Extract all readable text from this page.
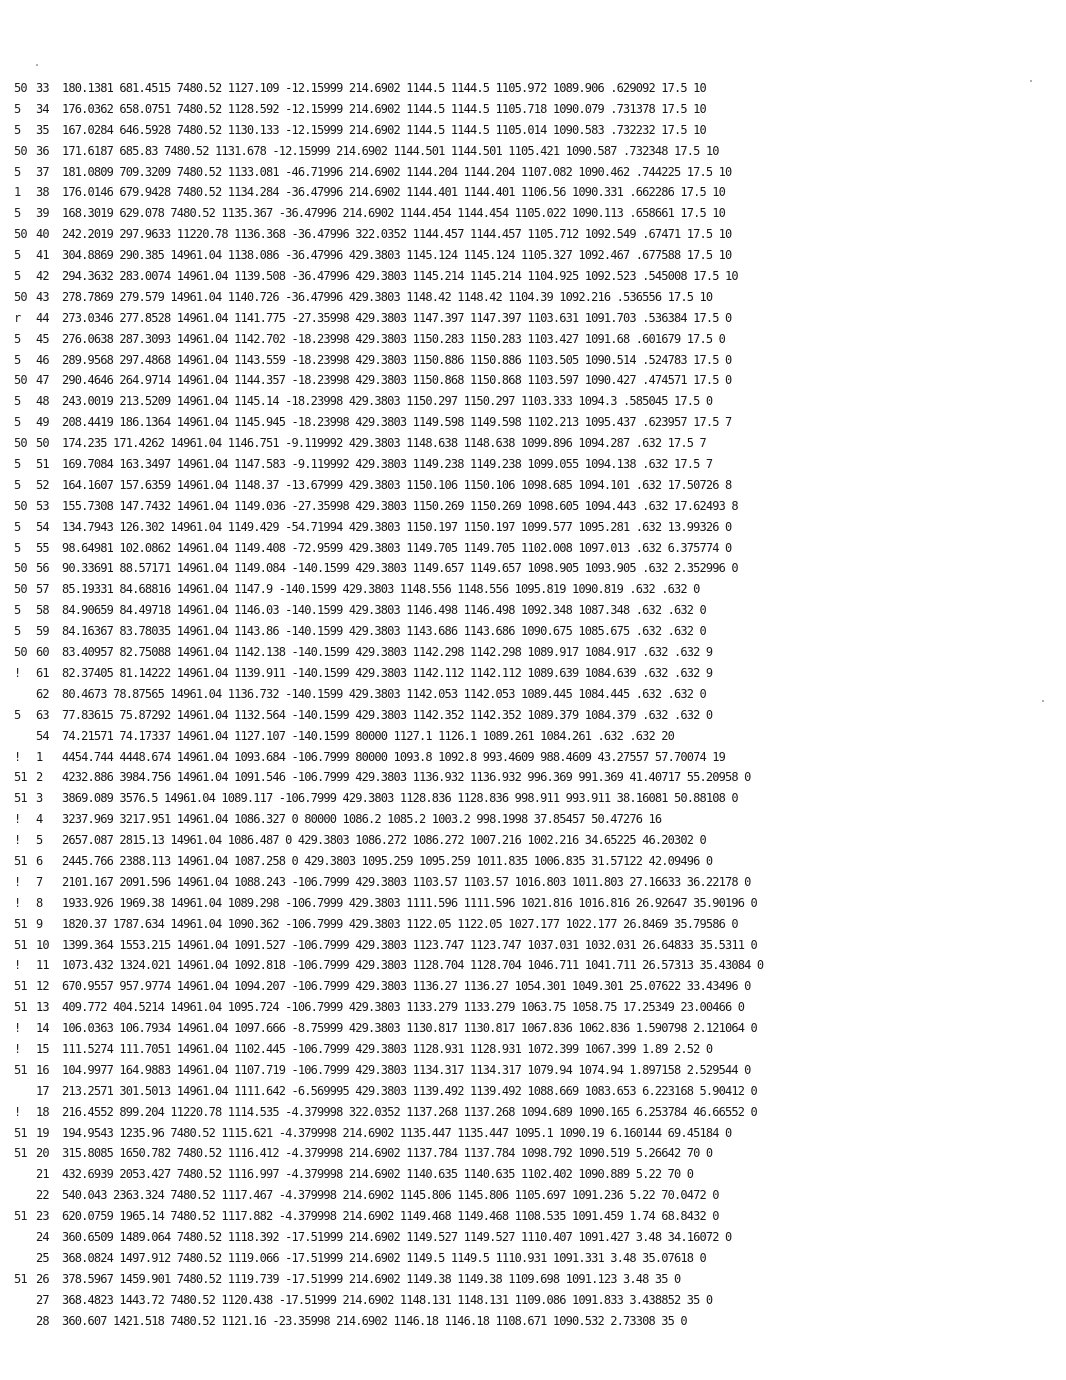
50 33 180.1381 681.4515 7480.52 1127.109 -12.15999 214.6902 1144.5 1144.5 1105.972 1089.906 .629092 17.5 10
5 34 176.0362 658.0751 7480.52 1128.592 -12.15999 214.6902 1144.5 1144.5 1105.718 1090.079 .731378 17.5 10
5 35 167.0284 646.5928 7480.52 1130.133 -12.15999 214.6902 1144.5 1144.5 1105.014 1090.583 .732232 17.5 10
50 36 171.6187 685.83 7480.52 1131.678 -12.15999 214.6902 1144.501 1144.501 1105.421 1090.587 .732348 17.5 10
5 37 181.0809 709.3209 7480.52 1133.081 -46.71996 214.6902 1144.204 1144.204 1107.082 1090.462 .744225 17.5 10
1 38 176.0146 679.9428 7480.52 1134.284 -36.47996 214.6902 1144.401 1144.401 1106.56 1090.331 .662286 17.5 10
5 39 168.3019 629.078 7480.52 1135.367 -36.47996 214.6902 1144.454 1144.454 1105.022 1090.113 .658661 17.5 10
50 40 242.2019 297.9633 11220.78 1136.368 -36.47996 322.0352 1144.457 1144.457 1105.712 1092.549 .67471 17.5 10
5 41 304.8869 290.385 14961.04 1138.086 -36.47996 429.3803 1145.124 1145.124 1105.327 1092.467 .677588 17.5 10
5 42 294.3632 283.0074 14961.04 1139.508 -36.47996 429.3803 1145.214 1145.214 1104.925 1092.523 .545008 17.5 10
50 43 278.7869 279.579 14961.04 1140.726 -36.47996 429.3803 1148.42 1148.42 1104.39 1092.216 .536556 17.5 10
r 44 273.0346 277.8528 14961.04 1141.775 -27.35998 429.3803 1147.397 1147.397 1103.631 1091.703 .536384 17.5 0
5 45 276.0638 287.3093 14961.04 1142.702 -18.23998 429.3803 1150.283 1150.283 1103.427 1091.68 .601679 17.5 0
5 46 289.9568 297.4868 14961.04 1143.559 -18.23998 429.3803 1150.886 1150.886 1103.505 1090.514 .524783 17.5 0
50 47 290.4646 264.9714 14961.04 1144.357 -18.23998 429.3803 1150.868 1150.868 1103.597 1090.427 .474571 17.5 0
5 48 243.0019 213.5209 14961.04 1145.14 -18.23998 429.3803 1150.297 1150.297 1103.333 1094.3 .585045 17.5 0
5 49 208.4419 186.1364 14961.04 1145.945 -18.23998 429.3803 1149.598 1149.598 1102.213 1095.437 .623957 17.5 7
50 50 174.235 171.4262 14961.04 1146.751 -9.119992 429.3803 1148.638 1148.638 1099.896 1094.287 .632 17.5 7
5 51 169.7084 163.3497 14961.04 1147.583 -9.119992 429.3803 1149.238 1149.238 1099.055 1094.138 .632 17.5 7
5 52 164.1607 157.6359 14961.04 1148.37 -13.67999 429.3803 1150.106 1150.106 1098.685 1094.101 .632 17.50726 8
50 53 155.7308 147.7432 14961.04 1149.036 -27.35998 429.3803 1150.269 1150.269 1098.605 1094.443 .632 17.62493 8
5 54 134.7943 126.302 14961.04 1149.429 -54.71994 429.3803 1150.197 1150.197 1099.577 1095.281 .632 13.99326 0
5 55 98.64981 102.0862 14961.04 1149.408 -72.9599 429.3803 1149.705 1149.705 1102.008 1097.013 .632 6.375774 0
50 56 90.33691 88.57171 14961.04 1149.084 -140.1599 429.3803 1149.657 1149.657 1098.905 1093.905 .632 2.352996 0
50 57 85.19331 84.68816 14961.04 1147.9 -140.1599 429.3803 1148.556 1148.556 1095.819 1090.819 .632 .632 0
5 58 84.90659 84.49718 14961.04 1146.03 -140.1599 429.3803 1146.498 1146.498 1092.348 1087.348 .632 .632 0
5 59 84.16367 83.78035 14961.04 1143.86 -140.1599 429.3803 1143.686 1143.686 1090.675 1085.675 .632 .632 0
50 60 83.40957 82.75088 14961.04 1142.138 -140.1599 429.3803 1142.298 1142.298 1089.917 1084.917 .632 .632 9
! 61 82.37405 81.14222 14961.04 1139.911 -140.1599 429.3803 1142.112 1142.112 1089.639 1084.639 .632 .632 9
62 80.4673 78.87565 14961.04 1136.732 -140.1599 429.3803 1142.053 1142.053 1089.445 1084.445 .632 .632 0
5 63 77.83615 75.87292 14961.04 1132.564 -140.1599 429.3803 1142.352 1142.352 1089.379 1084.379 .632 .632 0
54 74.21571 74.17337 14961.04 1127.107 -140.1599 80000 1127.1 1126.1 1089.261 1084.261 .632 .632 20
! 1 4454.744 4448.674 14961.04 1093.684 -106.7999 80000 1093.8 1092.8 993.4609 988.4609 43.27557 57.70074 19
51 2 4232.886 3984.756 14961.04 1091.546 -106.7999 429.3803 1136.932 1136.932 996.369 991.369 41.40717 55.20958 0
51 3 3869.089 3576.5 14961.04 1089.117 -106.7999 429.3803 1128.836 1128.836 998.911 993.911 38.16081 50.88108 0
! 4 3237.969 3217.951 14961.04 1086.327 0 80000 1086.2 1085.2 1003.2 998.1998 37.85457 50.47276 16
! 5 2657.087 2815.13 14961.04 1086.487 0 429.3803 1086.272 1086.272 1007.216 1002.216 34.65225 46.20302 0
51 6 2445.766 2388.113 14961.04 1087.258 0 429.3803 1095.259 1095.259 1011.835 1006.835 31.57122 42.09496 0
! 7 2101.167 2091.596 14961.04 1088.243 -106.7999 429.3803 1103.57 1103.57 1016.803 1011.803 27.16633 36.22178 0
! 8 1933.926 1969.38 14961.04 1089.298 -106.7999 429.3803 1111.596 1111.596 1021.816 1016.816 26.92647 35.90196 0
51 9 1820.37 1787.634 14961.04 1090.362 -106.7999 429.3803 1122.05 1122.05 1027.177 1022.177 26.8469 35.79586 0
51 10 1399.364 1553.215 14961.04 1091.527 -106.7999 429.3803 1123.747 1123.747 1037.031 1032.031 26.64833 35.5311 0
! 11 1073.432 1324.021 14961.04 1092.818 -106.7999 429.3803 1128.704 1128.704 1046.711 1041.711 26.57313 35.43084 0
51 12 670.9557 957.9774 14961.04 1094.207 -106.7999 429.3803 1136.27 1136.27 1054.301 1049.301 25.07622 33.43496 0
51 13 409.772 404.5214 14961.04 1095.724 -106.7999 429.3803 1133.279 1133.279 1063.75 1058.75 17.25349 23.00466 0
! 14 106.0363 106.7934 14961.04 1097.666 -8.75999 429.3803 1130.817 1130.817 1067.836 1062.836 1.590798 2.121064 0
! 15 111.5274 111.7051 14961.04 1102.445 -106.7999 429.3803 1128.931 1128.931 1072.399 1067.399 1.89 2.52 0
51 16 104.9977 164.9883 14961.04 1107.719 -106.7999 429.3803 1134.317 1134.317 1079.94 1074.94 1.897158 2.529544 0
17 213.2571 301.5013 14961.04 1111.642 -6.569995 429.3803 1139.492 1139.492 1088.669 1083.653 6.223168 5.90412 0
! 18 216.4552 899.204 11220.78 1114.535 -4.379998 322.0352 1137.268 1137.268 1094.689 1090.165 6.253784 46.66552 0
51 19 194.9543 1235.96 7480.52 1115.621 -4.379998 214.6902 1135.447 1135.447 1095.1 1090.19 6.160144 69.45184 0
51 20 315.8085 1650.782 7480.52 1116.412 -4.379998 214.6902 1137.784 1137.784 1098.792 1090.519 5.26642 70 0
21 432.6939 2053.427 7480.52 1116.997 -4.379998 214.6902 1140.635 1140.635 1102.402 1090.889 5.22 70 0
22 540.043 2363.324 7480.52 1117.467 -4.379998 214.6902 1145.806 1145.806 1105.697 1091.236 5.22 70.0472 0
51 23 620.0759 1965.14 7480.52 1117.882 -4.379998 214.6902 1149.468 1149.468 1108.535 1091.459 1.74 68.8432 0
24 360.6509 1489.064 7480.52 1118.392 -17.51999 214.6902 1149.527 1149.527 1110.407 1091.427 3.48 34.16072 0
25 368.0824 1497.912 7480.52 1119.066 -17.51999 214.6902 1149.5 1149.5 1110.931 1091.331 3.48 35.07618 0
51 26 378.5967 1459.901 7480.52 1119.739 -17.51999 214.6902 1149.38 1149.38 1109.698 1091.123 3.48 35 0
27 368.4823 1443.72 7480.52 1120.438 -17.51999 214.6902 1148.131 1148.131 1109.086 1091.833 3.438852 35 0
28 360.607 1421.518 7480.52 1121.16 -23.35998 214.6902 1146.18 1146.18 1108.671 1090.532 2.73308 35 0
